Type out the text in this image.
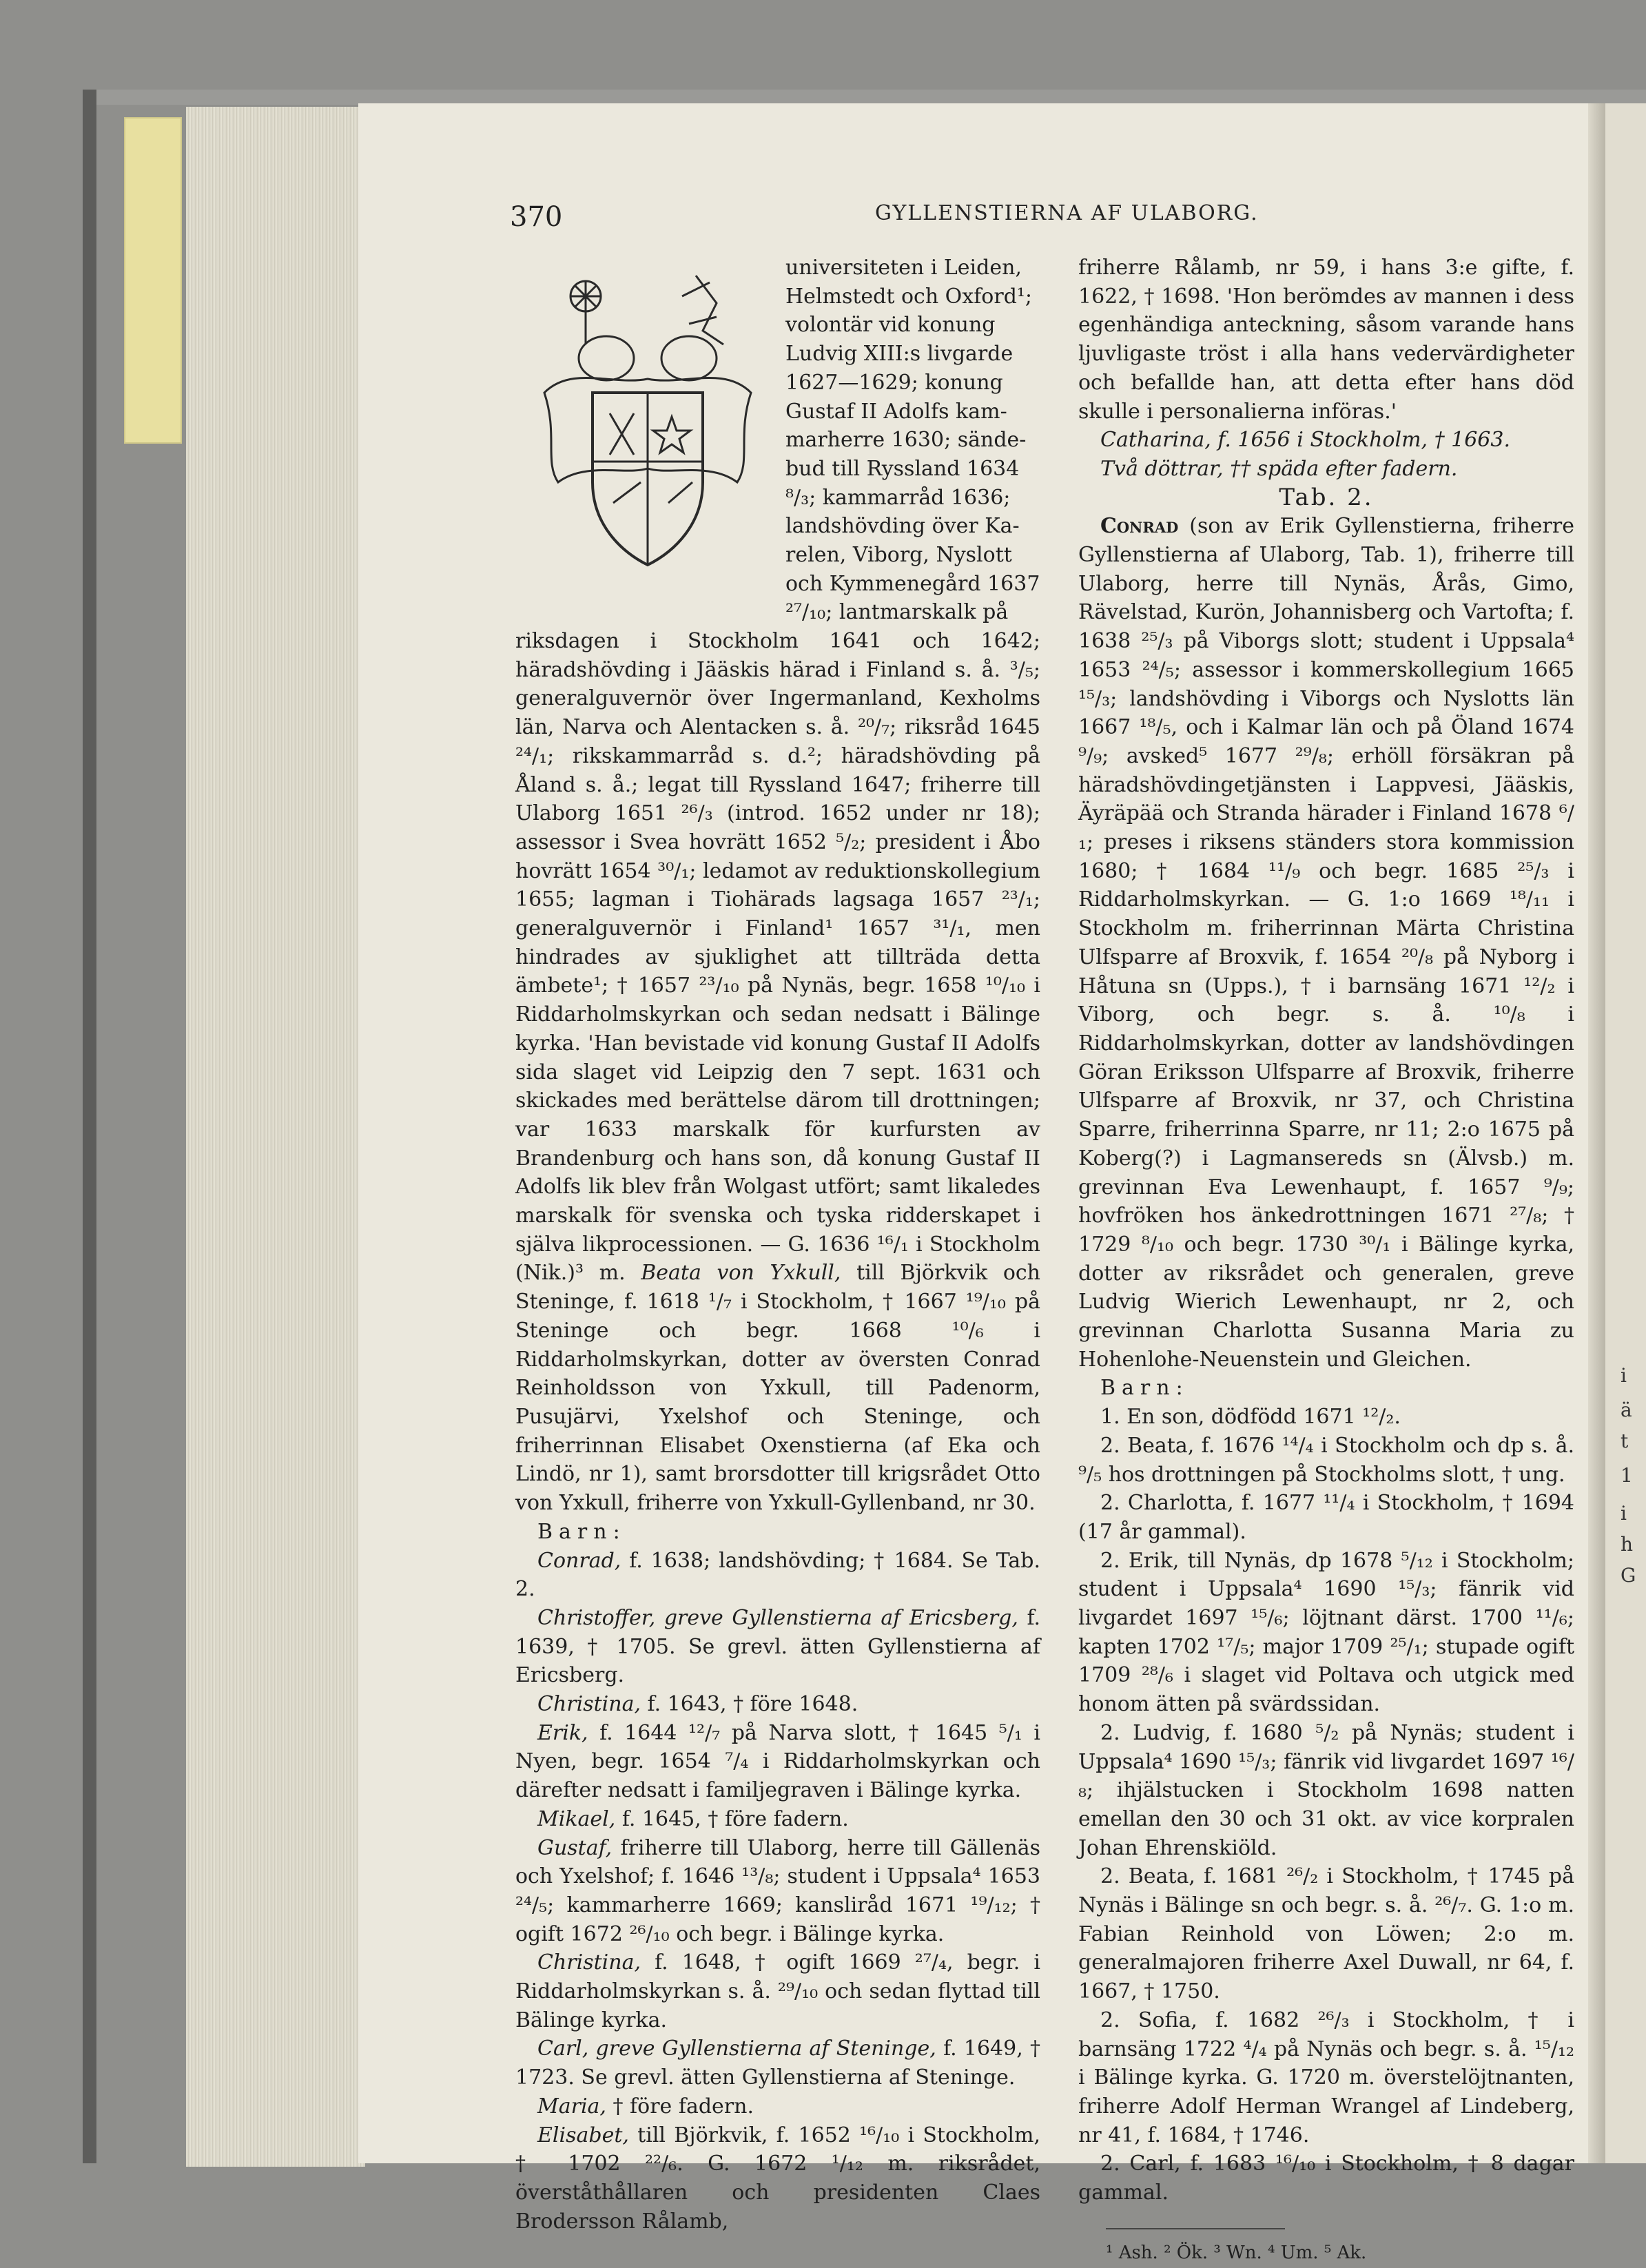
i
ä
t
1
i
h
G
370	GYLLENSTIERNA AF ULABORG.

universiteten i Leiden,

Helmstedt och Oxford¹;

volontär vid konung

Ludvig XIII:s livgarde

1627—1629; konung

Gustaf II Adolfs kam-

marherre 1630; sände-

bud till Ryssland 1634

⁸/₃; kammarråd 1636;

landshövding över Ka-

relen, Viborg, Nyslott

och Kymmenegård 1637

²⁷/₁₀; lantmarskalk på

riksdagen i Stockholm 1641 och 1642; häradshövding i Jääskis härad i Finland s. å. ³/₅; generalguvernör över Ingermanland, Kexholms län, Narva och Alentacken s. å. ²⁰/₇; riksråd 1645 ²⁴/₁; rikskammarråd s. d.²; häradshövding på Åland s. å.; legat till Ryssland 1647; friherre till Ulaborg 1651 ²⁶/₃ (introd. 1652 under nr 18); assessor i Svea hovrätt 1652 ⁵/₂; president i Åbo hovrätt 1654 ³⁰/₁; ledamot av reduktionskollegium 1655; lagman i Tiohärads lagsaga 1657 ²³/₁; generalguvernör i Finland¹ 1657 ³¹/₁, men hindrades av sjuklighet att tillträda detta ämbete¹; † 1657 ²³/₁₀ på Nynäs, begr. 1658 ¹⁰/₁₀ i Riddarholmskyrkan och sedan nedsatt i Bälinge kyrka. 'Han bevistade vid konung Gustaf II Adolfs sida slaget vid Leipzig den 7 sept. 1631 och skickades med berättelse därom till drottningen; var 1633 marskalk för kurfursten av Brandenburg och hans son, då konung Gustaf II Adolfs lik blev från Wolgast utfört; samt likaledes marskalk för svenska och tyska ridderskapet i själva likprocessionen. — G. 1636 ¹⁶/₁ i Stockholm (Nik.)³ m. Beata von Yxkull, till Björkvik och Steninge, f. 1618 ¹/₇ i Stockholm, † 1667 ¹⁹/₁₀ på Steninge och begr. 1668 ¹⁰/₆ i Riddarholmskyrkan, dotter av översten Conrad Reinholdsson von Yxkull, till Padenorm, Pusujärvi, Yxelshof och Steninge, och friherrinnan Elisabet Oxenstierna (af Eka och Lindö, nr 1), samt brorsdotter till krigsrådet Otto von Yxkull, friherre von Yxkull-Gyllenband, nr 30.

Barn:

Conrad, f. 1638; landshövding; † 1684. Se Tab. 2.

Christoffer, greve Gyllenstierna af Ericsberg, f. 1639, † 1705. Se grevl. ätten Gyllenstierna af Ericsberg.

Christina, f. 1643, † före 1648.

Erik, f. 1644 ¹²/₇ på Narva slott, † 1645 ⁵/₁ i Nyen, begr. 1654 ⁷/₄ i Riddarholmskyrkan och därefter nedsatt i familjegraven i Bälinge kyrka.

Mikael, f. 1645, † före fadern.

Gustaf, friherre till Ulaborg, herre till Gällenäs och Yxelshof; f. 1646 ¹³/₈; student i Uppsala⁴ 1653 ²⁴/₅; kammarherre 1669; kanslіråd 1671 ¹⁹/₁₂; † ogift 1672 ²⁶/₁₀ och begr. i Bälinge kyrka.

Christina, f. 1648, † ogift 1669 ²⁷/₄, begr. i Riddarholmskyrkan s. å. ²⁹/₁₀ och sedan flyttad till Bälinge kyrka.

Carl, greve Gyllenstierna af Steninge, f. 1649, † 1723. Se grevl. ätten Gyllenstierna af Steninge.

Maria, † före fadern.

Elisabet, till Björkvik, f. 1652 ¹⁶/₁₀ i Stockholm, † 1702 ²²/₆. G. 1672 ¹/₁₂ m. riksrådet, överståthållaren och presidenten Claes Brodersson Rålamb,

friherre Rålamb, nr 59, i hans 3:e gifte, f. 1622, † 1698. 'Hon berömdes av mannen i dess egenhändiga anteckning, såsom varande hans ljuvligaste tröst i alla hans vedervärdigheter och befallde han, att detta efter hans död skulle i personalierna införas.'

Catharina, f. 1656 i Stockholm, † 1663.

Två döttrar, †† späda efter fadern.

Tab. 2.

Conrad (son av Erik Gyllenstierna, friherre Gyllenstierna af Ulaborg, Tab. 1), friherre till Ulaborg, herre till Nynäs, Årås, Gimo, Rävelstad, Kurön, Johannisberg och Vartofta; f. 1638 ²⁵/₃ på Viborgs slott; student i Uppsala⁴ 1653 ²⁴/₅; assessor i kommerskollegium 1665 ¹⁵/₃; landshövding i Viborgs och Nyslotts län 1667 ¹⁸/₅, och i Kalmar län och på Öland 1674 ⁹/₉; avsked⁵ 1677 ²⁹/₈; erhöll försäkran på häradshövdingetjänsten i Lappvesi, Jääskis, Äyräpää och Stranda härader i Finland 1678 ⁶/₁; preses i riksens ständers stora kommission 1680; † 1684 ¹¹/₉ och begr. 1685 ²⁵/₃ i Riddarholmskyrkan. — G. 1:o 1669 ¹⁸/₁₁ i Stockholm m. friherrinnan Märta Christina Ulfsparre af Broxvik, f. 1654 ²⁰/₈ på Nyborg i Håtuna sn (Upps.), † i barnsäng 1671 ¹²/₂ i Viborg, och begr. s. å. ¹⁰/₈ i Riddarholmskyrkan, dotter av landshövdingen Göran Eriksson Ulfsparre af Broxvik, friherre Ulfsparre af Broxvik, nr 37, och Christina Sparre, friherrinna Sparre, nr 11; 2:o 1675 på Koberg(?) i Lagmansereds sn (Älvsb.) m. grevinnan Eva Lewenhaupt, f. 1657 ⁹/₉; hovfröken hos änkedrottningen 1671 ²⁷/₈; † 1729 ⁸/₁₀ och begr. 1730 ³⁰/₁ i Bälinge kyrka, dotter av riksrådet och generalen, greve Ludvig Wierich Lewenhaupt, nr 2, och grevinnan Charlotta Susanna Maria zu Hohenlohe-Neuenstein und Gleichen.

Barn:

1. En son, dödfödd 1671 ¹²/₂.

2. Beata, f. 1676 ¹⁴/₄ i Stockholm och dp s. å. ⁹/₅ hos drottningen på Stockholms slott, † ung.

2. Charlotta, f. 1677 ¹¹/₄ i Stockholm, † 1694 (17 år gammal).

2. Erik, till Nynäs, dp 1678 ⁵/₁₂ i Stockholm; student i Uppsala⁴ 1690 ¹⁵/₃; fänrik vid livgardet 1697 ¹⁵/₆; löjtnant därst. 1700 ¹¹/₆; kapten 1702 ¹⁷/₅; major 1709 ²⁵/₁; stupade ogift 1709 ²⁸/₆ i slaget vid Poltava och utgick med honom ätten på svärdssidan.

2. Ludvig, f. 1680 ⁵/₂ på Nynäs; student i Uppsala⁴ 1690 ¹⁵/₃; fänrik vid livgardet 1697 ¹⁶/₈; ihjälstucken i Stockholm 1698 natten emellan den 30 och 31 okt. av vice korpralen Johan Ehrenskiöld.

2. Beata, f. 1681 ²⁶/₂ i Stockholm, † 1745 på Nynäs i Bälinge sn och begr. s. å. ²⁶/₇. G. 1:o m. Fabian Reinhold von Löwen; 2:o m. generalmajoren friherre Axel Duwall, nr 64, f. 1667, † 1750.

2. Sofia, f. 1682 ²⁶/₃ i Stockholm, † i barnsäng 1722 ⁴/₄ på Nynäs och begr. s. å. ¹⁵/₁₂ i Bälinge kyrka. G. 1720 m. överstelöjtnanten, friherre Adolf Herman Wrangel af Lindeberg, nr 41, f. 1684, † 1746.

2. Carl, f. 1683 ¹⁶/₁₀ i Stockholm, † 8 dagar gammal.

¹ Ash. ² Ök. ³ Wn. ⁴ Um. ⁵ Ak.
